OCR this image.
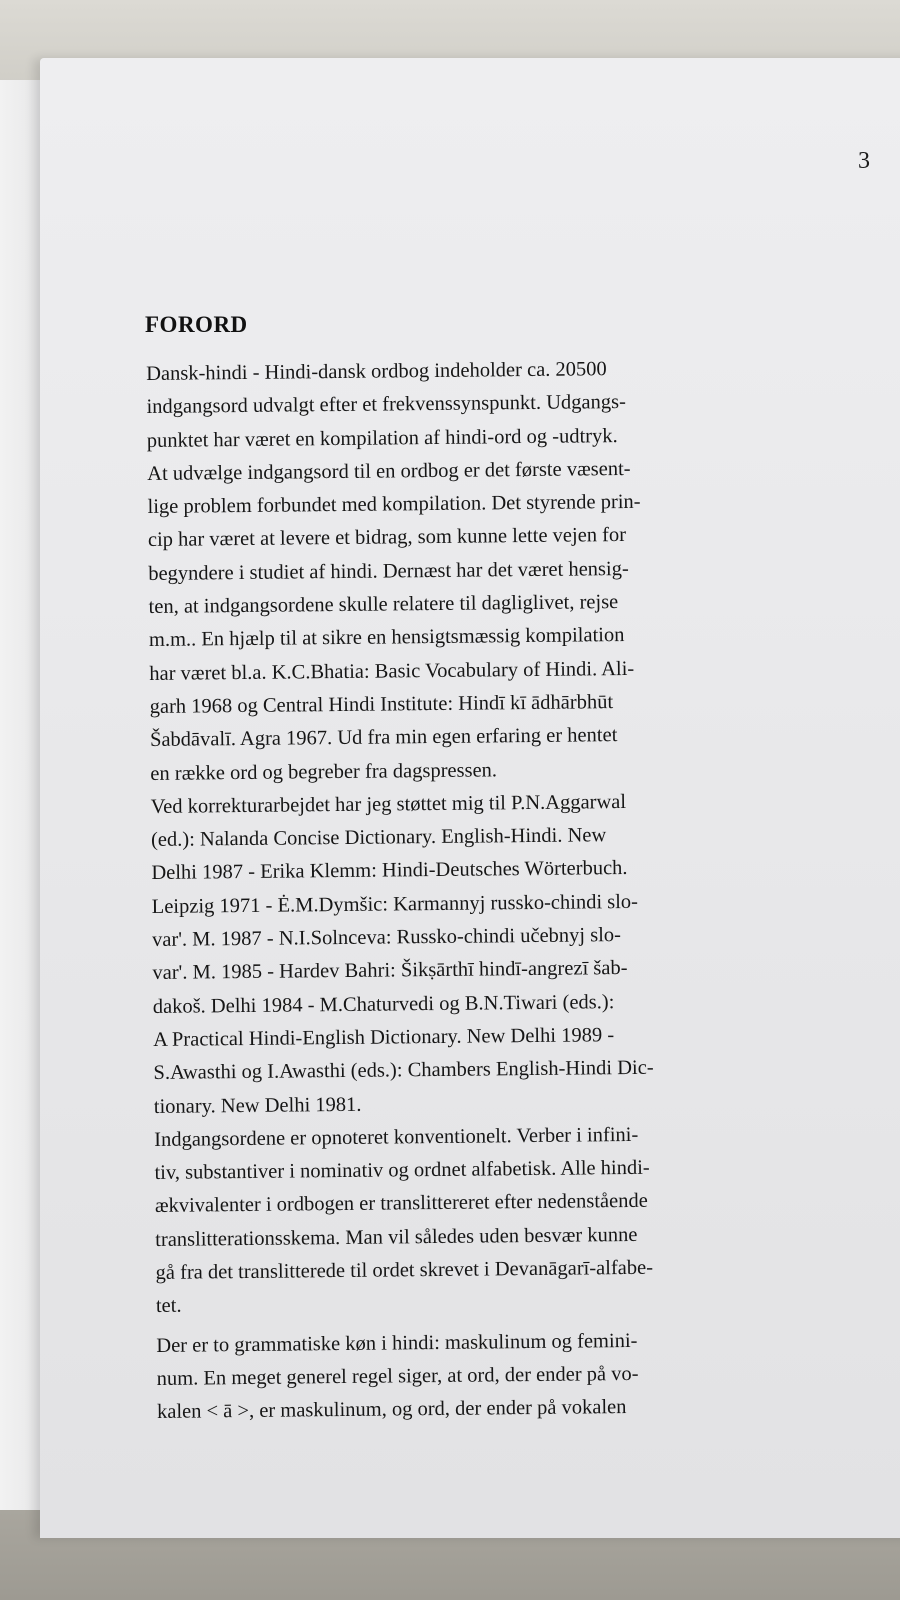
3
FORORD
Dansk-hindi - Hindi-dansk ordbog indeholder ca. 20500
indgangsord udvalgt efter et frekvenssynspunkt. Udgangs-
punktet har været en kompilation af hindi-ord og -udtryk.
At udvælge indgangsord til en ordbog er det første væsent-
lige problem forbundet med kompilation. Det styrende prin-
cip har været at levere et bidrag, som kunne lette vejen for
begyndere i studiet af hindi. Dernæst har det været hensig-
ten, at indgangsordene skulle relatere til dagliglivet, rejse
m.m.. En hjælp til at sikre en hensigtsmæssig kompilation
har været bl.a. K.C.Bhatia: Basic Vocabulary of Hindi. Ali-
garh 1968 og Central Hindi Institute: Hindī kī ādhārbhūt
Šabdāvalī. Agra 1967. Ud fra min egen erfaring er hentet
en række ord og begreber fra dagspressen.
Ved korrekturarbejdet har jeg støttet mig til P.N.Aggarwal
(ed.): Nalanda Concise Dictionary. English-Hindi. New
Delhi 1987 - Erika Klemm: Hindi-Deutsches Wörterbuch.
Leipzig 1971 - Ė.M.Dymšic: Karmannyj russko-chindi slo-
var'. M. 1987 - N.I.Solnceva: Russko-chindi učebnyj slo-
var'. M. 1985 - Hardev Bahri: Šikṣārthī hindī-angrezī šab-
dakoš. Delhi 1984 - M.Chaturvedi og B.N.Tiwari (eds.):
A Practical Hindi-English Dictionary. New Delhi 1989 -
S.Awasthi og I.Awasthi (eds.): Chambers English-Hindi Dic-
tionary. New Delhi 1981.
Indgangsordene er opnoteret konventionelt. Verber i infini-
tiv, substantiver i nominativ og ordnet alfabetisk. Alle hindi-
ækvivalenter i ordbogen er translittereret efter nedenstående
translitterationsskema. Man vil således uden besvær kunne
gå fra det translitterede til ordet skrevet i Devanāgarī-alfabe-
tet.
Der er to grammatiske køn i hindi: maskulinum og femini-
num. En meget generel regel siger, at ord, der ender på vo-
kalen < ā >, er maskulinum, og ord, der ender på vokalen
